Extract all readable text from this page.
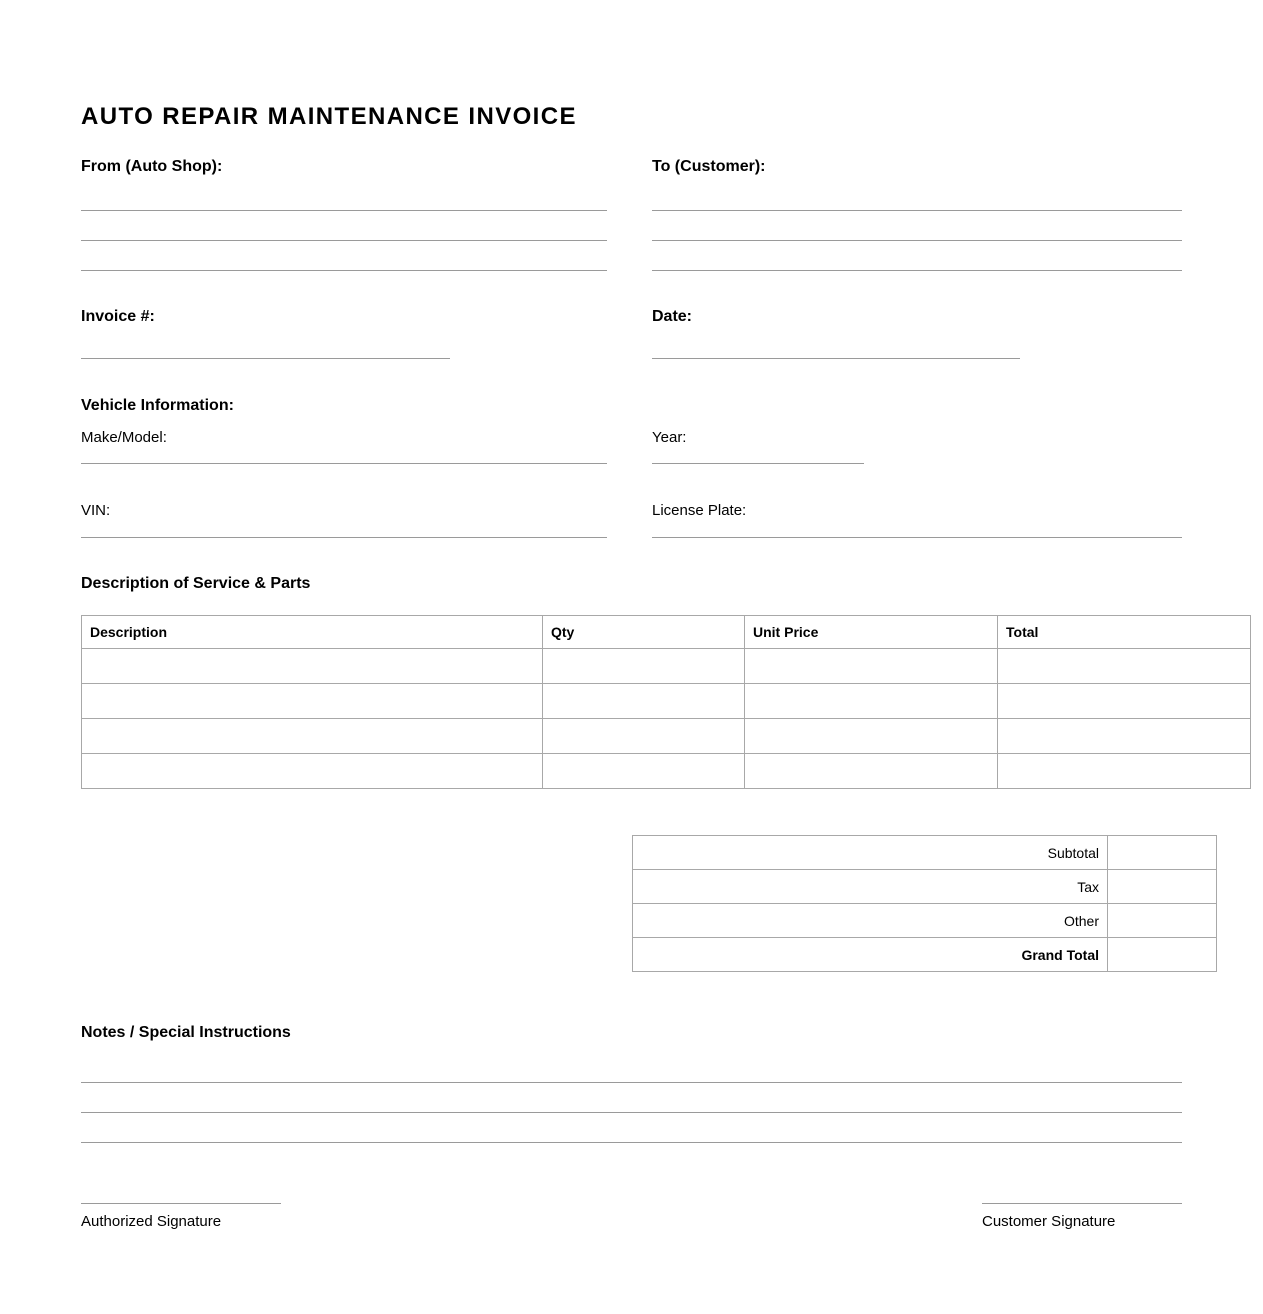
AUTO REPAIR MAINTENANCE INVOICE
From (Auto Shop):	To (Customer):
Invoice #:	Date:
Vehicle Information:
Make/Model:	Year:
VIN:	License Plate:
Description of Service & Parts
Description	Qty	Unit Price	Total

Subtotal	
Tax	
Other	
Grand Total	
Notes / Special Instructions
Authorized Signature	Customer Signature
